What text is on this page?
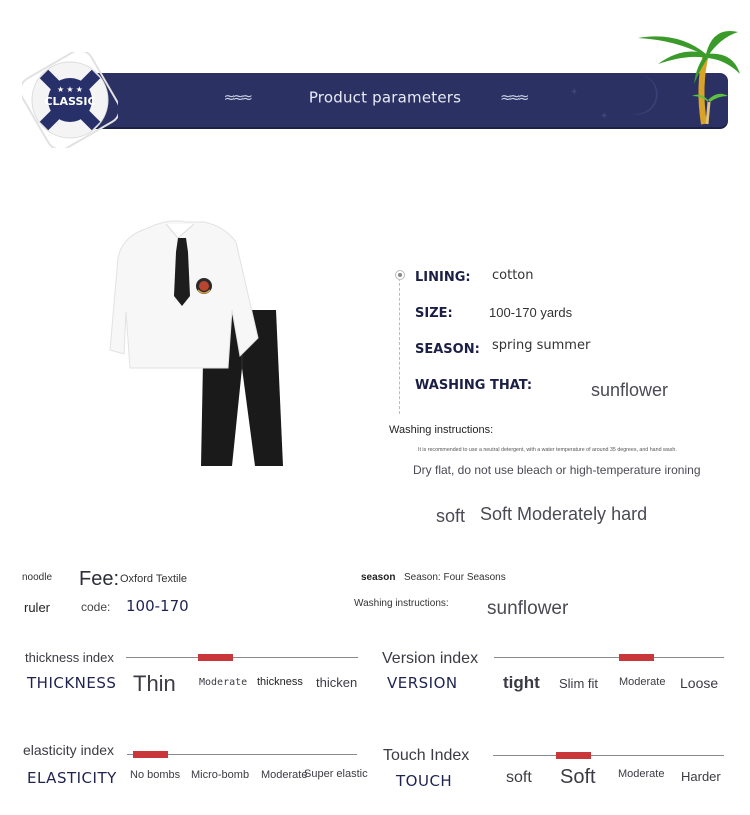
✦
✦
★ ★ ★
CLASSIC	≈≈≈	Product parameters	≈≈≈
LINING: cotton
SIZE:	100-170 yards
SEASON: spring summer
WASHING THAT:	sunflower
Washing instructions:
It is recommended to use a neutral detergent, with a water temperature of around 35 degrees, and hand wash.
Dry flat, do not use bleach or high-temperature ironing
soft Soft Moderately hard
noodle Fee: Oxford Textile
ruler	code: 100-170
season Season: Four Seasons
Washing instructions: sunflower
thickness index
THICKNESS Thin Moderate thickness thicken
Version index
VERSION	tight Slim fit Moderate Loose
elasticity index
ELASTICITY No bombs Micro-bomb Moderate
Super elastic
Touch Index
TOUCH	soft Soft Moderate Harder
